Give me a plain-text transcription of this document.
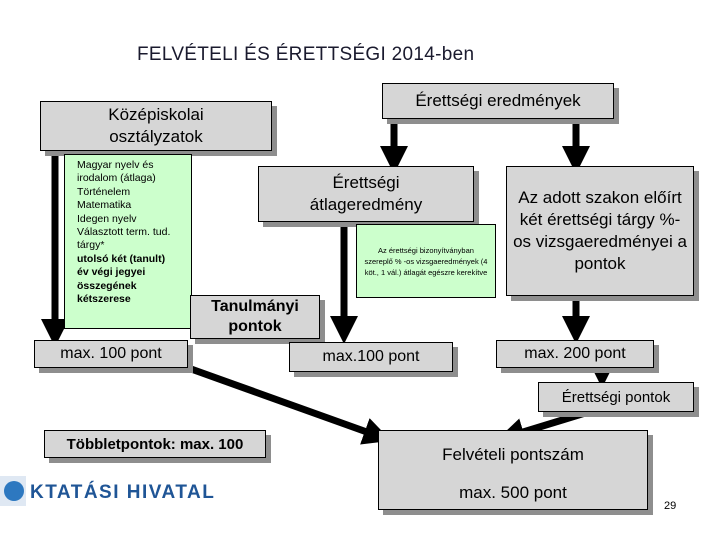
FELVÉTELI ÉS ÉRETTSÉGI 2014-ben
Középiskolai osztályzatok
Érettségi eredmények
Magyar nyelv és
irodalom (átlaga)
Történelem
Matematika
Idegen nyelv
Választott term. tud.
tárgy*
utolsó két (tanult)
év végi jegyei
összegének
kétszerese
Érettségi átlageredmény
Az érettségi bizonyítványban szereplő % -os vizsgaeredmények (4 köt., 1 vál.) átlagát egészre kerekítve
Az adott szakon előírt két érettségi tárgy %-os vizsgaeredményei a pontok
Tanulmányi pontok
max. 100 pont	max.100 pont	max. 200 pont
Érettségi pontok
Többletpontok: max. 100
Felvételi pontszám
max. 500 pont
KTATÁSI HIVATAL
29
